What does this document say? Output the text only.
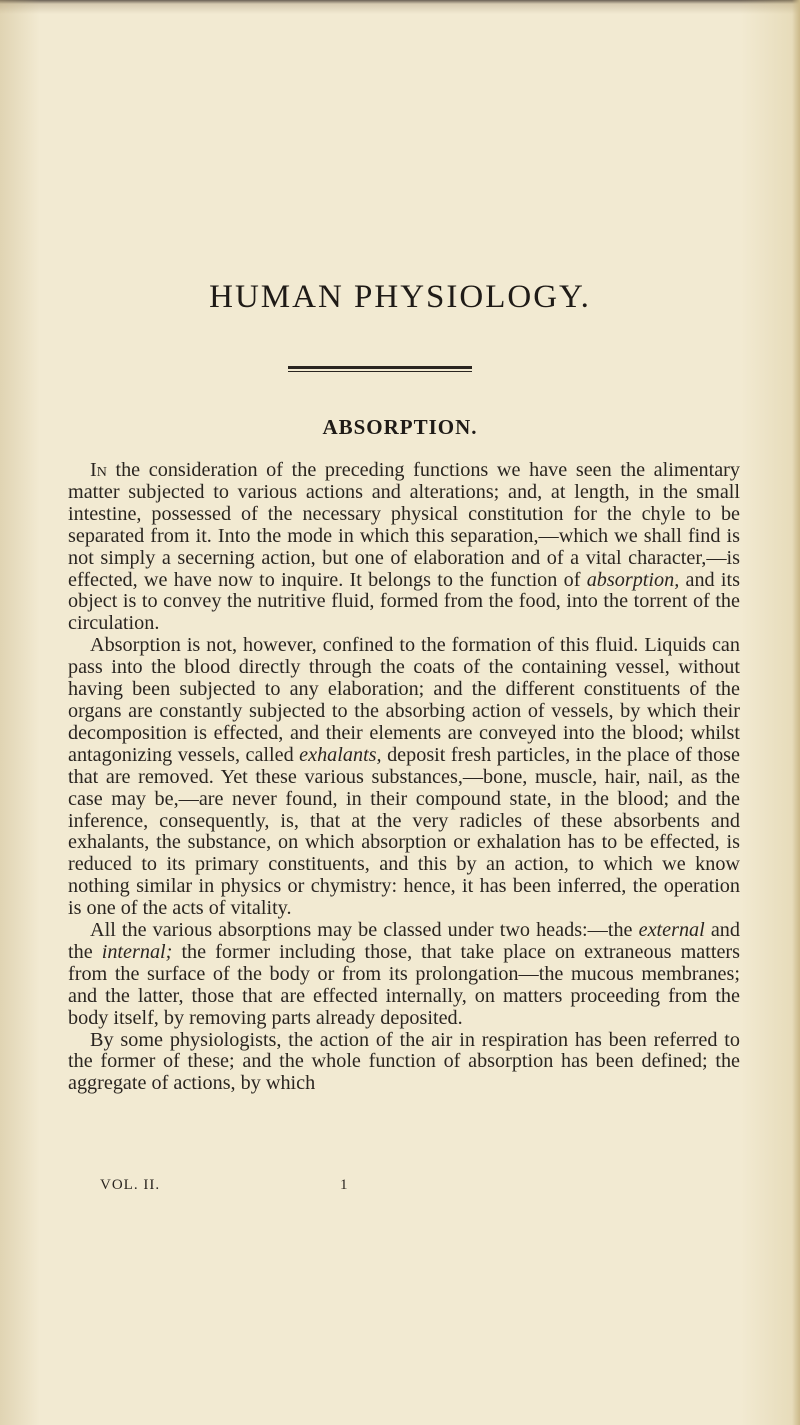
HUMAN PHYSIOLOGY.
ABSORPTION.

In the consideration of the preceding functions we have seen the alimentary matter subjected to various actions and alterations; and, at length, in the small intestine, possessed of the necessary physical constitution for the chyle to be separated from it. Into the mode in which this separation,—which we shall find is not simply a secerning action, but one of elaboration and of a vital character,—is effected, we have now to inquire. It belongs to the function of absorption, and its object is to convey the nutritive fluid, formed from the food, into the torrent of the circulation.

Absorption is not, however, confined to the formation of this fluid. Liquids can pass into the blood directly through the coats of the containing vessel, without having been subjected to any elaboration; and the different constituents of the organs are constantly subjected to the absorbing action of vessels, by which their decomposition is effected, and their elements are conveyed into the blood; whilst antagonizing vessels, called exhalants, deposit fresh particles, in the place of those that are removed. Yet these various substances,—bone, muscle, hair, nail, as the case may be,—are never found, in their compound state, in the blood; and the inference, consequently, is, that at the very radicles of these absorbents and exhalants, the substance, on which absorption or exhalation has to be effected, is reduced to its primary constituents, and this by an action, to which we know nothing similar in physics or chymistry: hence, it has been inferred, the operation is one of the acts of vitality.

All the various absorptions may be classed under two heads:—the external and the internal; the former including those, that take place on extraneous matters from the surface of the body or from its prolongation—the mucous membranes; and the latter, those that are effected internally, on matters proceeding from the body itself, by removing parts already deposited.

By some physiologists, the action of the air in respiration has been referred to the former of these; and the whole function of absorption has been defined; the aggregate of actions, by which

VOL. II.	1
